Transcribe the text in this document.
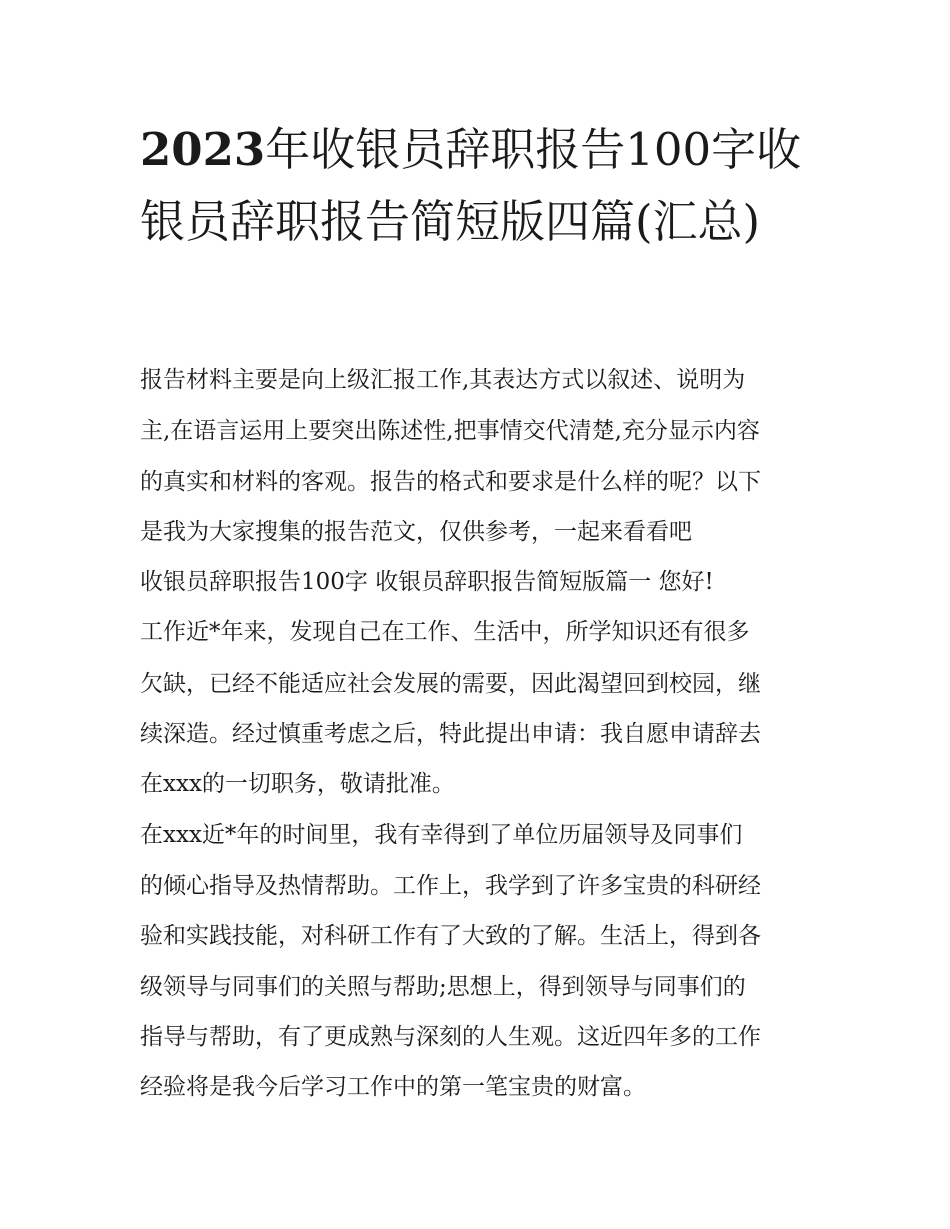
2023年收银员辞职报告100字收银员辞职报告简短版四篇(汇总)

报告材料主要是向上级汇报工作,其表达方式以叙述、说明为

主,在语言运用上要突出陈述性,把事情交代清楚,充分显示内容

的真实和材料的客观。报告的格式和要求是什么样的呢？以下

是我为大家搜集的报告范文，仅供参考，一起来看看吧

收银员辞职报告100字 收银员辞职报告简短版篇一 您好!

工作近*年来，发现自己在工作、生活中，所学知识还有很多

欠缺，已经不能适应社会发展的需要，因此渴望回到校园，继

续深造。经过慎重考虑之后，特此提出申请：我自愿申请辞去

在xxx的一切职务，敬请批准。

在xxx近*年的时间里，我有幸得到了单位历届领导及同事们

的倾心指导及热情帮助。工作上，我学到了许多宝贵的科研经

验和实践技能，对科研工作有了大致的了解。生活上，得到各

级领导与同事们的关照与帮助;思想上，得到领导与同事们的

指导与帮助，有了更成熟与深刻的人生观。这近四年多的工作

经验将是我今后学习工作中的第一笔宝贵的财富。
